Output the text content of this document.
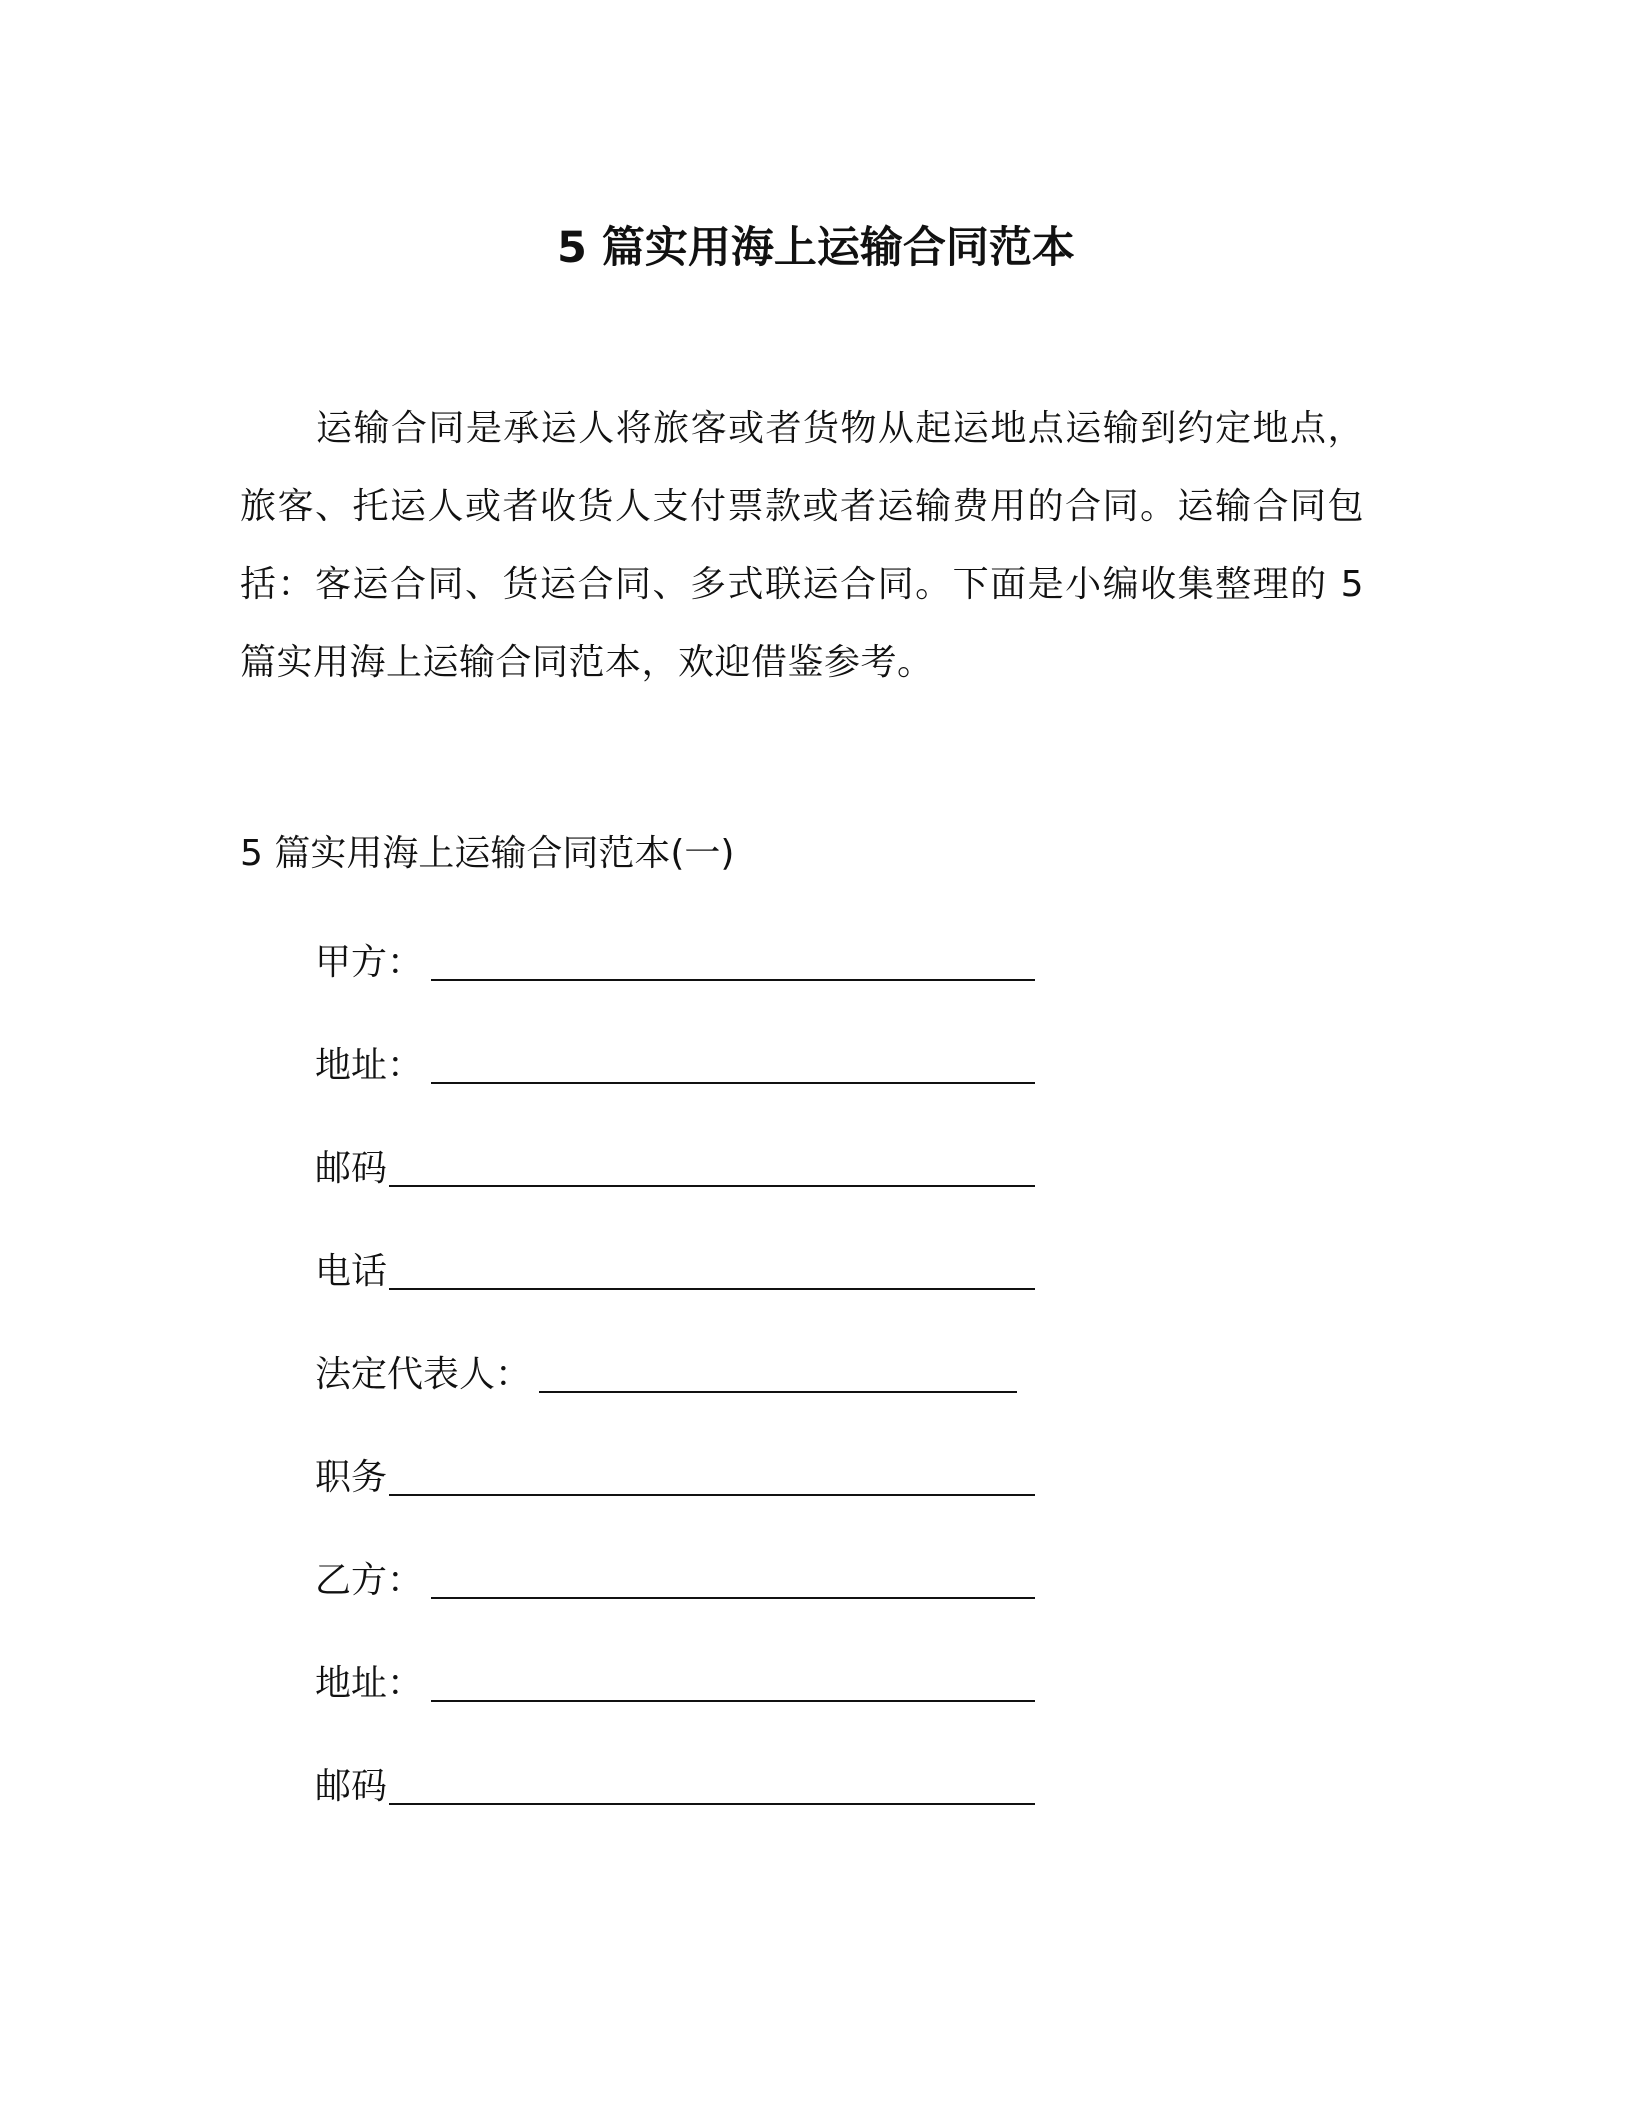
5 篇实用海上运输合同范本
运输合同是承运人将旅客或者货物从起运地点运输到约定地点，旅客、托运人或者收货人支付票款或者运输费用的合同。运输合同包括：客运合同、货运合同、多式联运合同。下面是小编收集整理的 5 篇实用海上运输合同范本，欢迎借鉴参考。
5 篇实用海上运输合同范本(一)
甲方：
地址：
邮码
电话
法定代表人：
职务
乙方：
地址：
邮码
